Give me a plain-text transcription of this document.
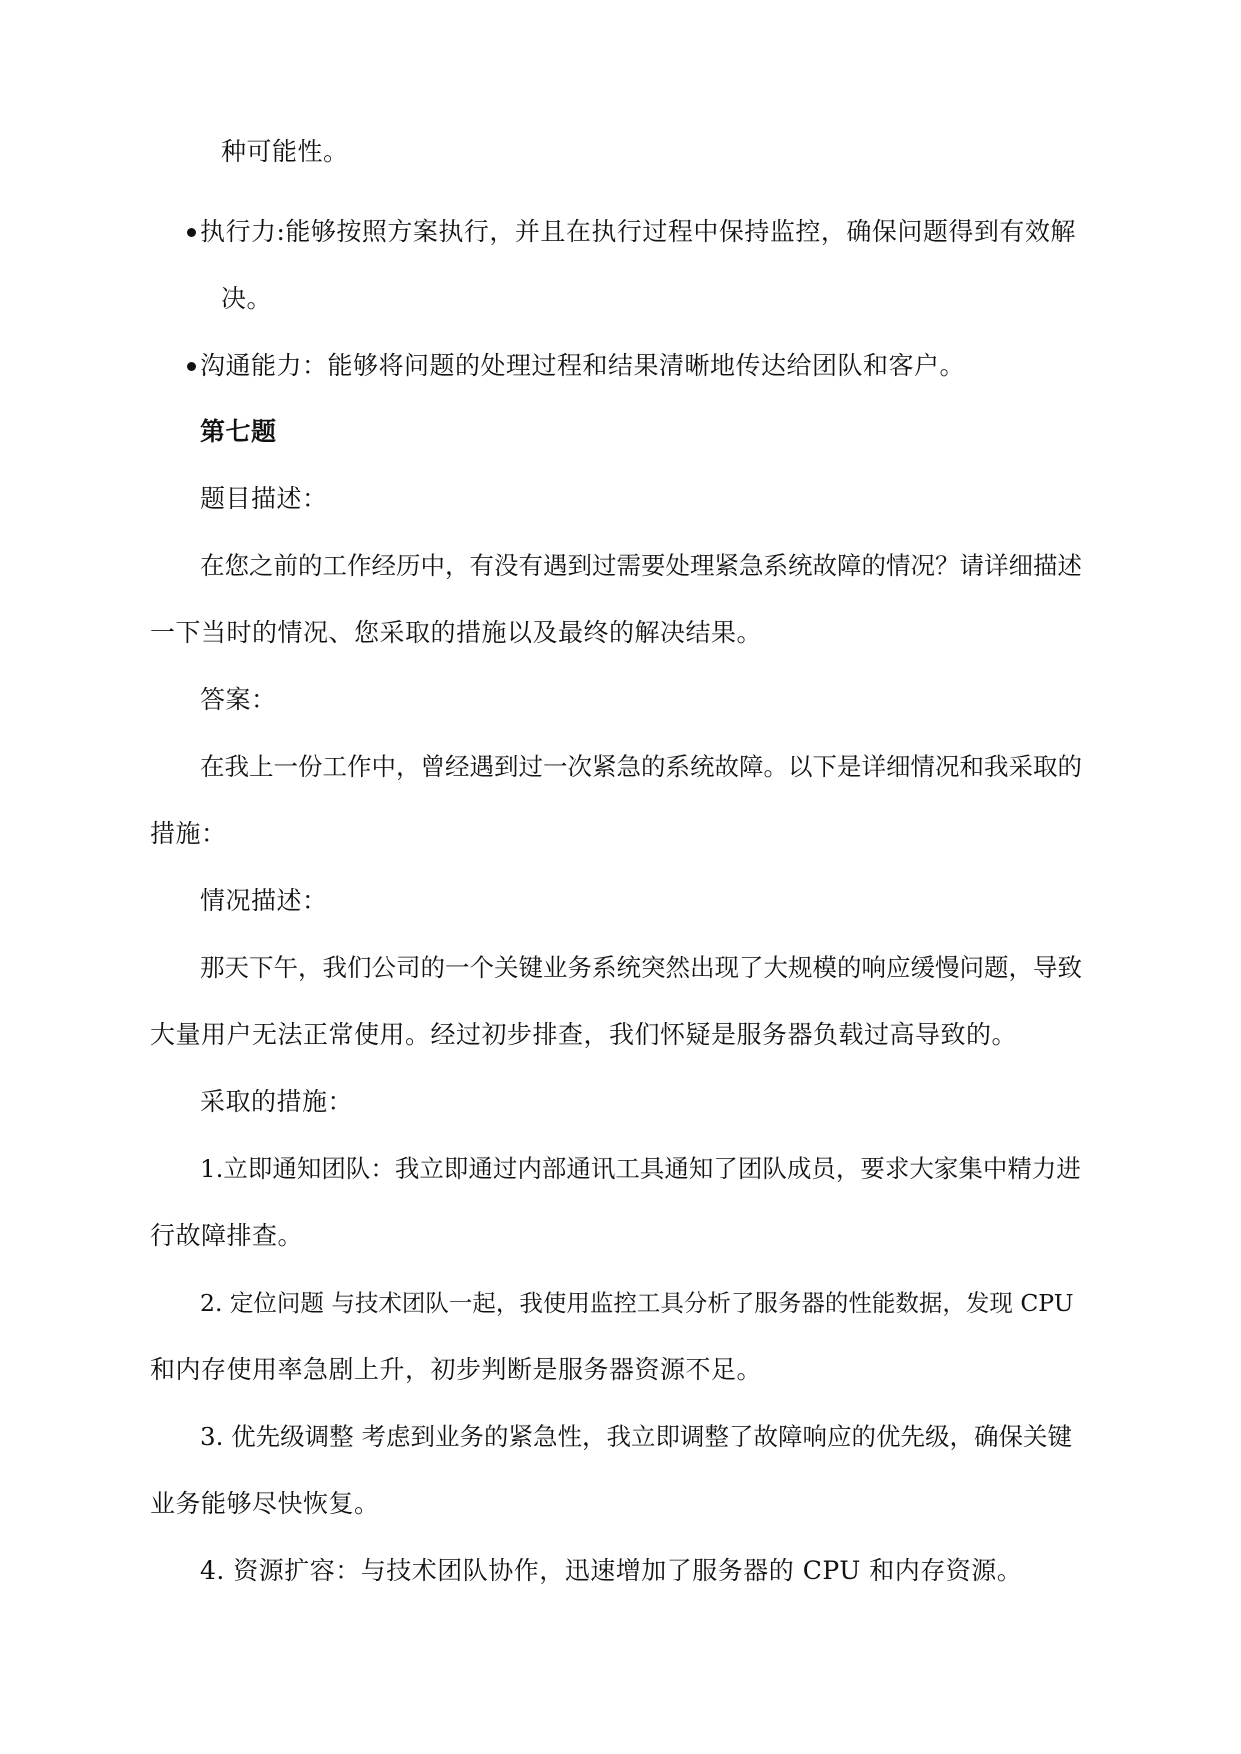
种可能性。
执行力:能够按照方案执行，并且在执行过程中保持监控，确保问题得到有效解
决。
沟通能力：能够将问题的处理过程和结果清晰地传达给团队和客户。
第七题
题目描述：
在您之前的工作经历中，有没有遇到过需要处理紧急系统故障的情况？请详细描述
一下当时的情况、您采取的措施以及最终的解决结果。
答案：
在我上一份工作中，曾经遇到过一次紧急的系统故障。以下是详细情况和我采取的
措施：
情况描述：
那天下午，我们公司的一个关键业务系统突然出现了大规模的响应缓慢问题，导致
大量用户无法正常使用。经过初步排查，我们怀疑是服务器负载过高导致的。
采取的措施：
1.立即通知团队：我立即通过内部通讯工具通知了团队成员，要求大家集中精力进
行故障排查。
2. 定位问题 与技术团队一起，我使用监控工具分析了服务器的性能数据，发现 CPU
和内存使用率急剧上升，初步判断是服务器资源不足。
3. 优先级调整 考虑到业务的紧急性，我立即调整了故障响应的优先级，确保关键
业务能够尽快恢复。
4. 资源扩容：与技术团队协作，迅速增加了服务器的 CPU 和内存资源。
